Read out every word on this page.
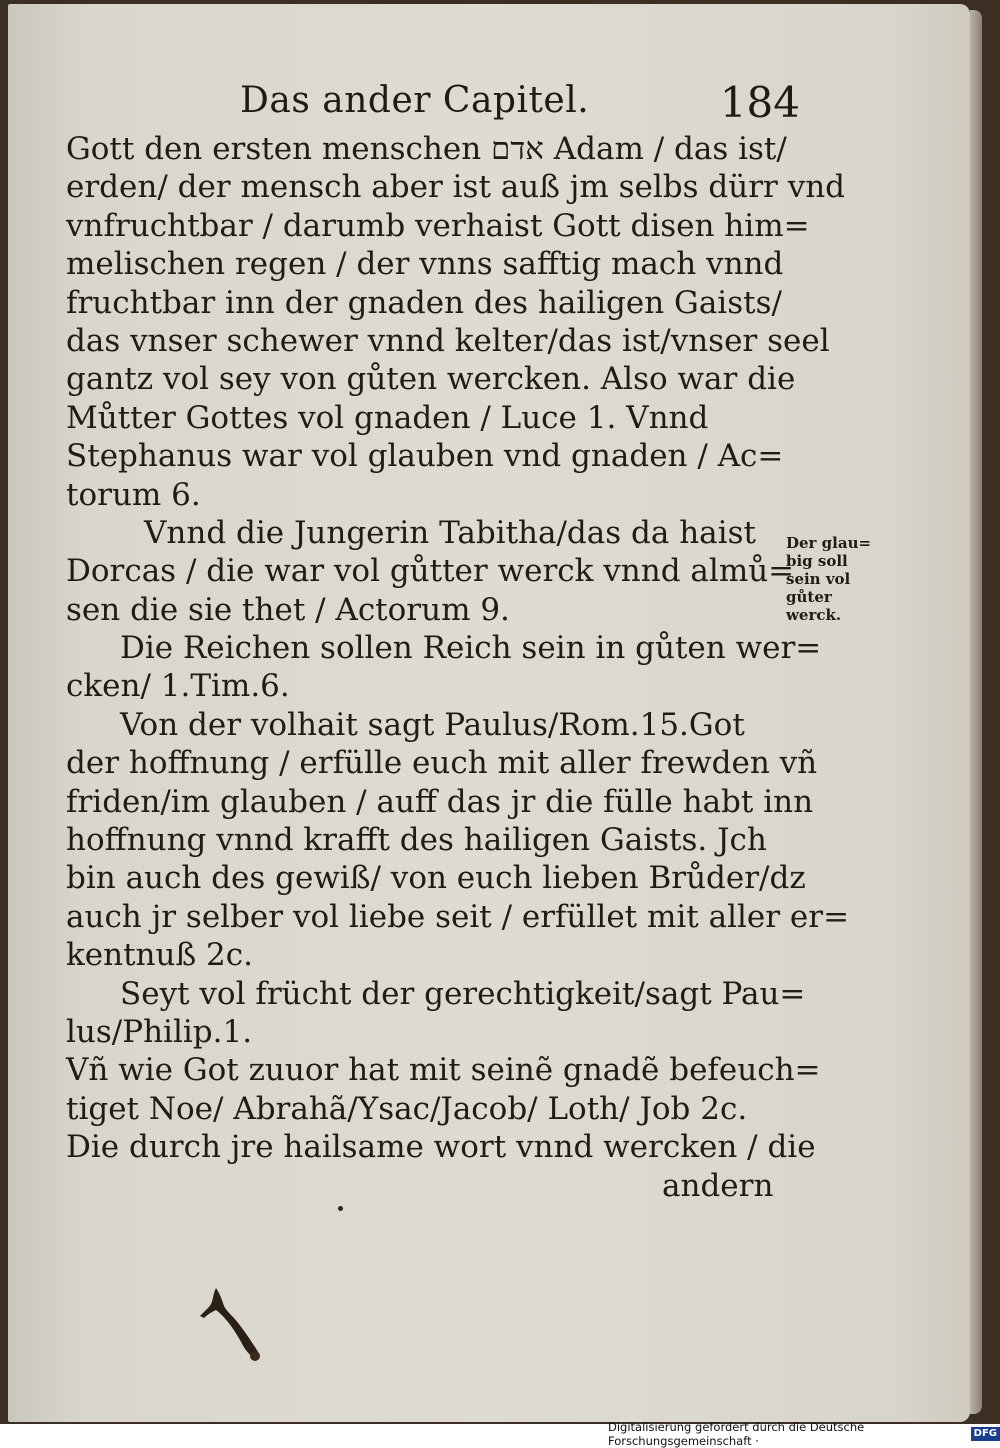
Das ander Capitel.	184
Gott den ersten menschen אדם Adam / das ist/
erden/ der mensch aber ist auß jm selbs dürr vnd
vnfruchtbar / darumb verhaist Gott disen him=
melischen regen / der vnns safftig mach vnnd
fruchtbar inn der gnaden des hailigen Gaists/
das vnser schewer vnnd kelter/das ist/vnser seel
gantz vol sey von gůten wercken. Also war die
Můtter Gottes vol gnaden / Luce 1. Vnnd
Stephanus war vol glauben vnd gnaden / Ac=
torum 6.
Vnnd die Jungerin Tabitha/das da haist
Dorcas / die war vol gůtter werck vnnd almů=
sen die sie thet / Actorum 9.
Die Reichen sollen Reich sein in gůten wer=
cken/ 1.Tim.6.
Von der volhait sagt Paulus/Rom.15.Got
der hoffnung / erfülle euch mit aller frewden vñ
friden/im glauben / auff das jr die fülle habt inn
hoffnung vnnd krafft des hailigen Gaists. Jch
bin auch des gewiß/ von euch lieben Brůder/dz
auch jr selber vol liebe seit / erfüllet mit aller er=
kentnuß 2c.
Seyt vol frücht der gerechtigkeit/sagt Pau=
lus/Philip.1.
Vñ wie Got zuuor hat mit seinẽ gnadẽ befeuch=
tiget Noe/ Abrahã/Ysac/Jacob/ Loth/ Job 2c.
Die durch jre hailsame wort vnnd wercken / die
andern
Der glau=
big soll
sein vol
gůter
werck.
Digitalisierung gefördert durch die Deutsche Forschungsgemeinschaft ·
DFG
